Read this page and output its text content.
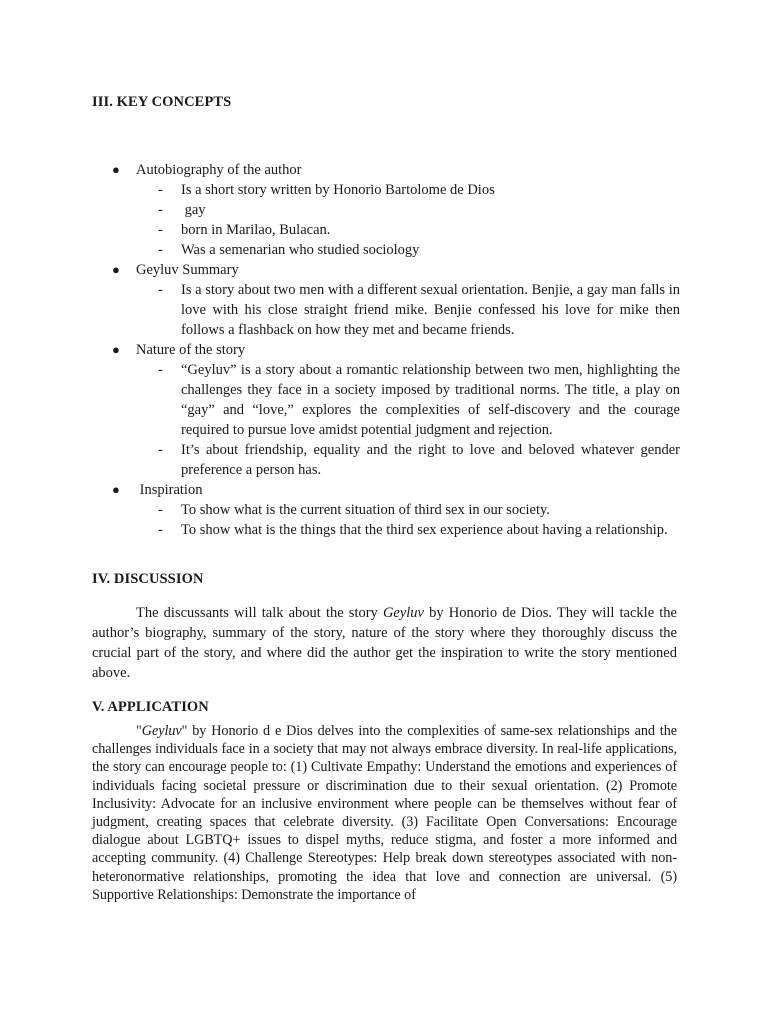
III. KEY CONCEPTS
● Autobiography of the author
- Is a short story written by Honorio Bartolome de Dios
- gay
- born in Marilao, Bulacan.
- Was a semenarian who studied sociology
● Geyluv Summary
- Is a story about two men with a different sexual orientation. Benjie, a gay man falls in love with his close straight friend mike. Benjie confessed his love for mike then follows a flashback on how they met and became friends.
● Nature of the story
- “Geyluv” is a story about a romantic relationship between two men, highlighting the challenges they face in a society imposed by traditional norms. The title, a play on “gay” and “love,” explores the complexities of self-discovery and the courage required to pursue love amidst potential judgment and rejection.
- It’s about friendship, equality and the right to love and beloved whatever gender preference a person has.
● Inspiration
- To show what is the current situation of third sex in our society.
- To show what is the things that the third sex experience about having a relationship.
IV. DISCUSSION

The discussants will talk about the story Geyluv by Honorio de Dios. They will tackle the author’s biography, summary of the story, nature of the story where they thoroughly discuss the crucial part of the story, and where did the author get the inspiration to write the story mentioned above.

V. APPLICATION

"Geyluv" by Honorio d e Dios delves into the complexities of same-sex relationships and the challenges individuals face in a society that may not always embrace diversity. In real-life applications, the story can encourage people to: (1) Cultivate Empathy: Understand the emotions and experiences of individuals facing societal pressure or discrimination due to their sexual orientation. (2) Promote Inclusivity: Advocate for an inclusive environment where people can be themselves without fear of judgment, creating spaces that celebrate diversity. (3) Facilitate Open Conversations: Encourage dialogue about LGBTQ+ issues to dispel myths, reduce stigma, and foster a more informed and accepting community. (4) Challenge Stereotypes: Help break down stereotypes associated with non-heteronormative relationships, promoting the idea that love and connection are universal. (5) Supportive Relationships: Demonstrate the importance of
